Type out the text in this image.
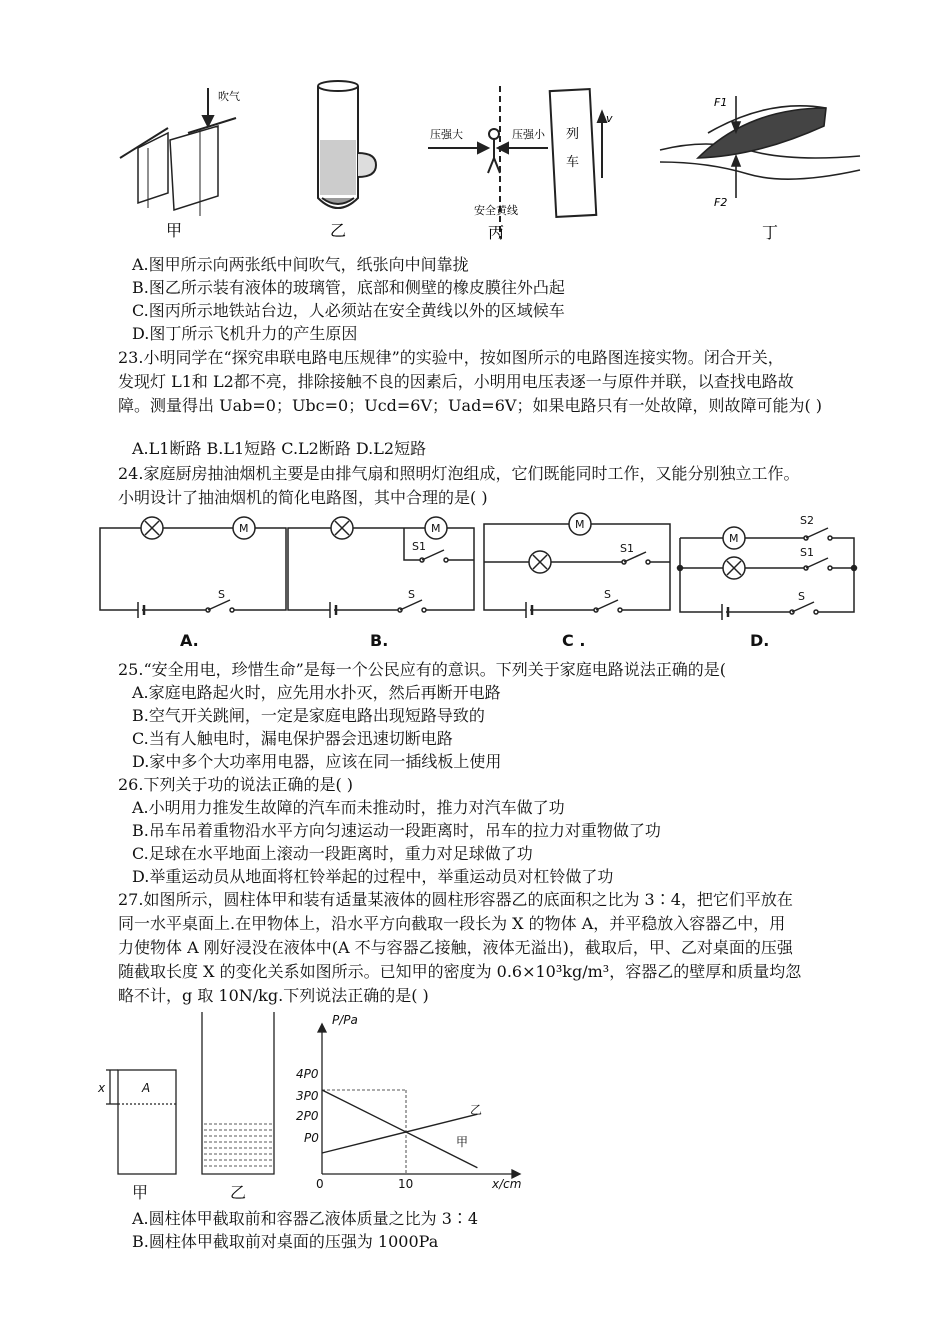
吹气
甲	乙
压强大	压强小 列
车
v
安全黄线
丙
F1
F2
丁
A.图甲所示向两张纸中间吹气，纸张向中间靠拢
B.图乙所示装有液体的玻璃管，底部和侧壁的橡皮膜往外凸起
C.图丙所示地铁站台边，人必须站在安全黄线以外的区域候车
D.图丁所示飞机升力的产生原因
23.小明同学在“探究串联电路电压规律”的实验中，按如图所示的电路图连接实物。闭合开关，
发现灯 L1和 L2都不亮，排除接触不良的因素后，小明用电压表逐一与原件并联，以查找电路故
障。测量得出 Uab=0；Ubc=0；Ucd=6V；Uad=6V；如果电路只有一处故障，则故障可能为( )
A.L1断路 B.L1短路 C.L2断路 D.L2短路
24.家庭厨房抽油烟机主要是由排气扇和照明灯泡组成，它们既能同时工作，又能分别独立工作。
小明设计了抽油烟机的简化电路图，其中合理的是( )
M	M	M
M
S	S	S	S
S1	S1	S1
S2
A.	B.	C .	D.
25.“安全用电，珍惜生命”是每一个公民应有的意识。下列关于家庭电路说法正确的是(
A.家庭电路起火时，应先用水扑灭，然后再断开电路
B.空气开关跳闸，一定是家庭电路出现短路导致的
C.当有人触电时，漏电保护器会迅速切断电路
D.家中多个大功率用电器，应该在同一插线板上使用
26.下列关于功的说法正确的是( )
A.小明用力推发生故障的汽车而未推动时，推力对汽车做了功
B.吊车吊着重物沿水平方向匀速运动一段距离时，吊车的拉力对重物做了功
C.足球在水平地面上滚动一段距离时，重力对足球做了功
D.举重运动员从地面将杠铃举起的过程中，举重运动员对杠铃做了功
27.如图所示，圆柱体甲和装有适量某液体的圆柱形容器乙的底面积之比为 3∶4，把它们平放在
同一水平桌面上.在甲物体上，沿水平方向截取一段长为 X 的物体 A，并平稳放入容器乙中，用
力使物体 A 刚好浸没在液体中(A 不与容器乙接触，液体无溢出)，截取后，甲、乙对桌面的压强
随截取长度 X 的变化关系如图所示。已知甲的密度为 0.6×10³kg/m³，容器乙的壁厚和质量均忽
略不计，g 取 10N/kg.下列说法正确的是( )
x	A
P/Pa
x/cm
4P0
3P0
2P0
P0
0	10
乙
甲
甲	乙
A.圆柱体甲截取前和容器乙液体质量之比为 3∶4
B.圆柱体甲截取前对桌面的压强为 1000Pa
